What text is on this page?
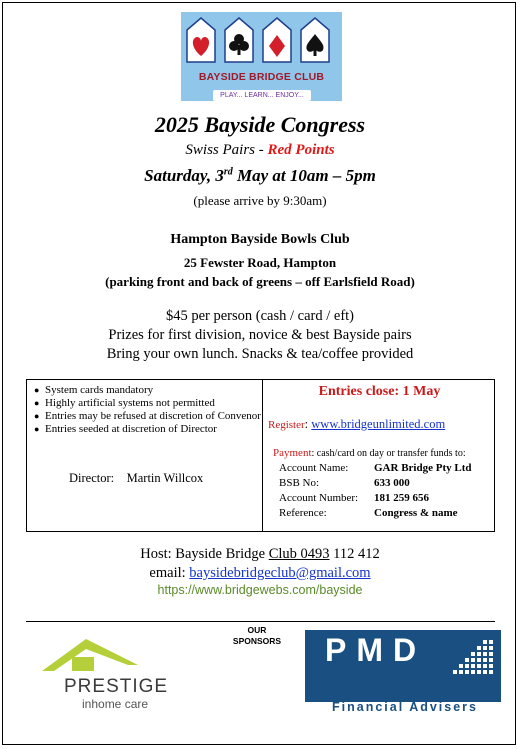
BAYSIDE BRIDGE CLUB
PLAY... LEARN... ENJOY...
2025 Bayside Congress
Swiss Pairs - Red Points
Saturday, 3rd May at 10am – 5pm
(please arrive by 9:30am)
Hampton Bayside Bowls Club
25 Fewster Road, Hampton
(parking front and back of greens – off Earlsfield Road)
$45 per person (cash / card / eft)
Prizes for first division, novice & best Bayside pairs
Bring your own lunch. Snacks & tea/coffee provided
● System cards mandatory
● Highly artificial systems not permitted
● Entries may be refused at discretion of Convenor
● Entries seeded at discretion of Director
Director: Martin Willcox
Entries close: 1 May
Register: www.bridgeunlimited.com
Payment: cash/card on day or transfer funds to:
Account Name: GAR Bridge Pty Ltd
BSB No:	633 000
Account Number: 181 259 656
Reference:	Congress & name
Host: Bayside Bridge Club 0493 112 412
email: baysidebridgeclub@gmail.com
https://www.bridgewebs.com/bayside
OUR
SPONSORS
PRESTIGE
inhome care
PMD
Financial Advisers
